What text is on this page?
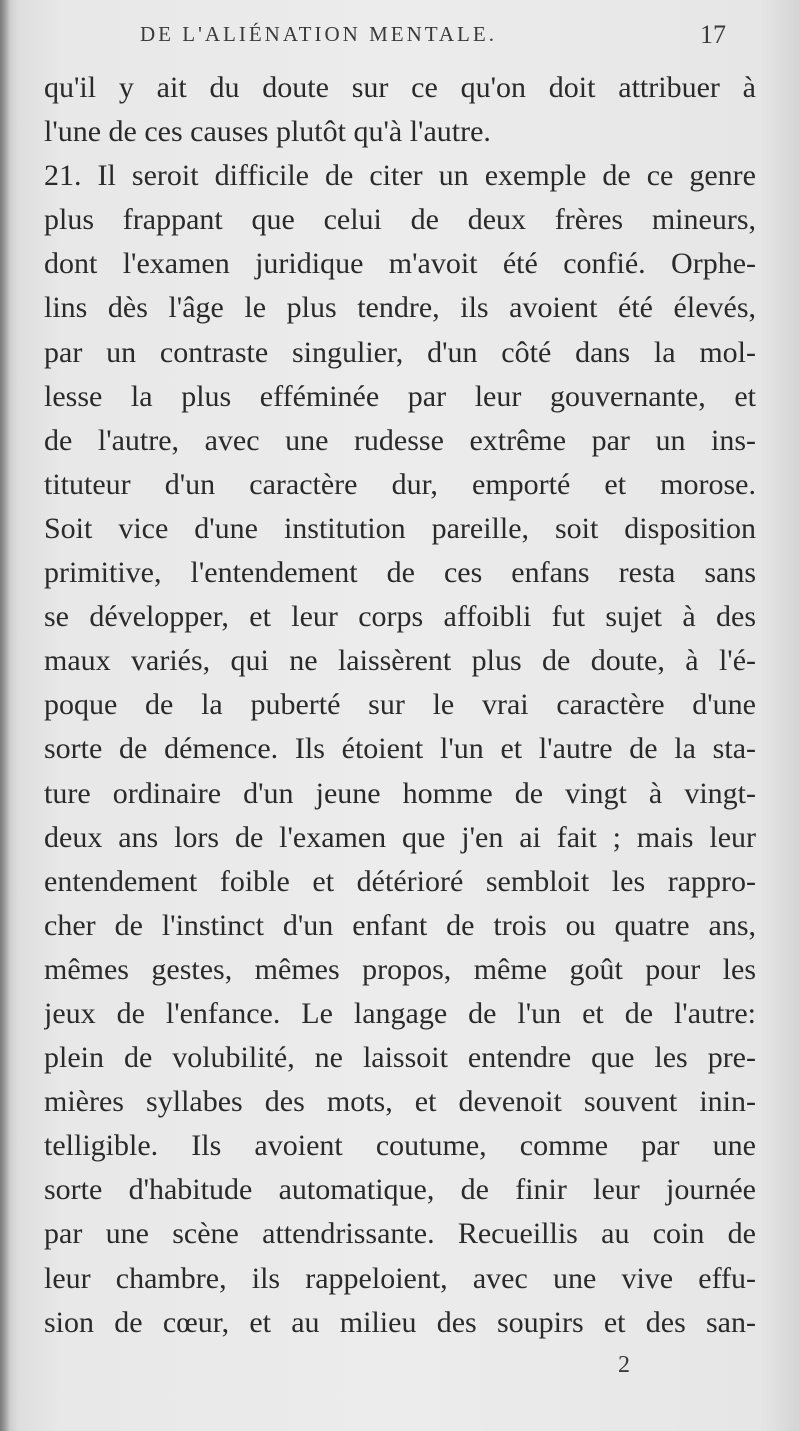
DE L'ALIÉNATION MENTALE.	17
qu'il y ait du doute sur ce qu'on doit attribuer à
l'une de ces causes plutôt qu'à l'autre.
21. Il seroit difficile de citer un exemple de ce genre
plus frappant que celui de deux frères mineurs,
dont l'examen juridique m'avoit été confié. Orphe-
lins dès l'âge le plus tendre, ils avoient été élevés,
par un contraste singulier, d'un côté dans la mol-
lesse la plus efféminée par leur gouvernante, et
de l'autre, avec une rudesse extrême par un ins-
tituteur d'un caractère dur, emporté et morose.
Soit vice d'une institution pareille, soit disposition
primitive, l'entendement de ces enfans resta sans
se développer, et leur corps affoibli fut sujet à des
maux variés, qui ne laissèrent plus de doute, à l'é-
poque de la puberté sur le vrai caractère d'une
sorte de démence. Ils étoient l'un et l'autre de la sta-
ture ordinaire d'un jeune homme de vingt à vingt-
deux ans lors de l'examen que j'en ai fait ; mais leur
entendement foible et détérioré sembloit les rappro-
cher de l'instinct d'un enfant de trois ou quatre ans,
mêmes gestes, mêmes propos, même goût pour les
jeux de l'enfance. Le langage de l'un et de l'autre:
plein de volubilité, ne laissoit entendre que les pre-
mières syllabes des mots, et devenoit souvent inin-
telligible. Ils avoient coutume, comme par une
sorte d'habitude automatique, de finir leur journée
par une scène attendrissante. Recueillis au coin de
leur chambre, ils rappeloient, avec une vive effu-
sion de cœur, et au milieu des soupirs et des san-
2
